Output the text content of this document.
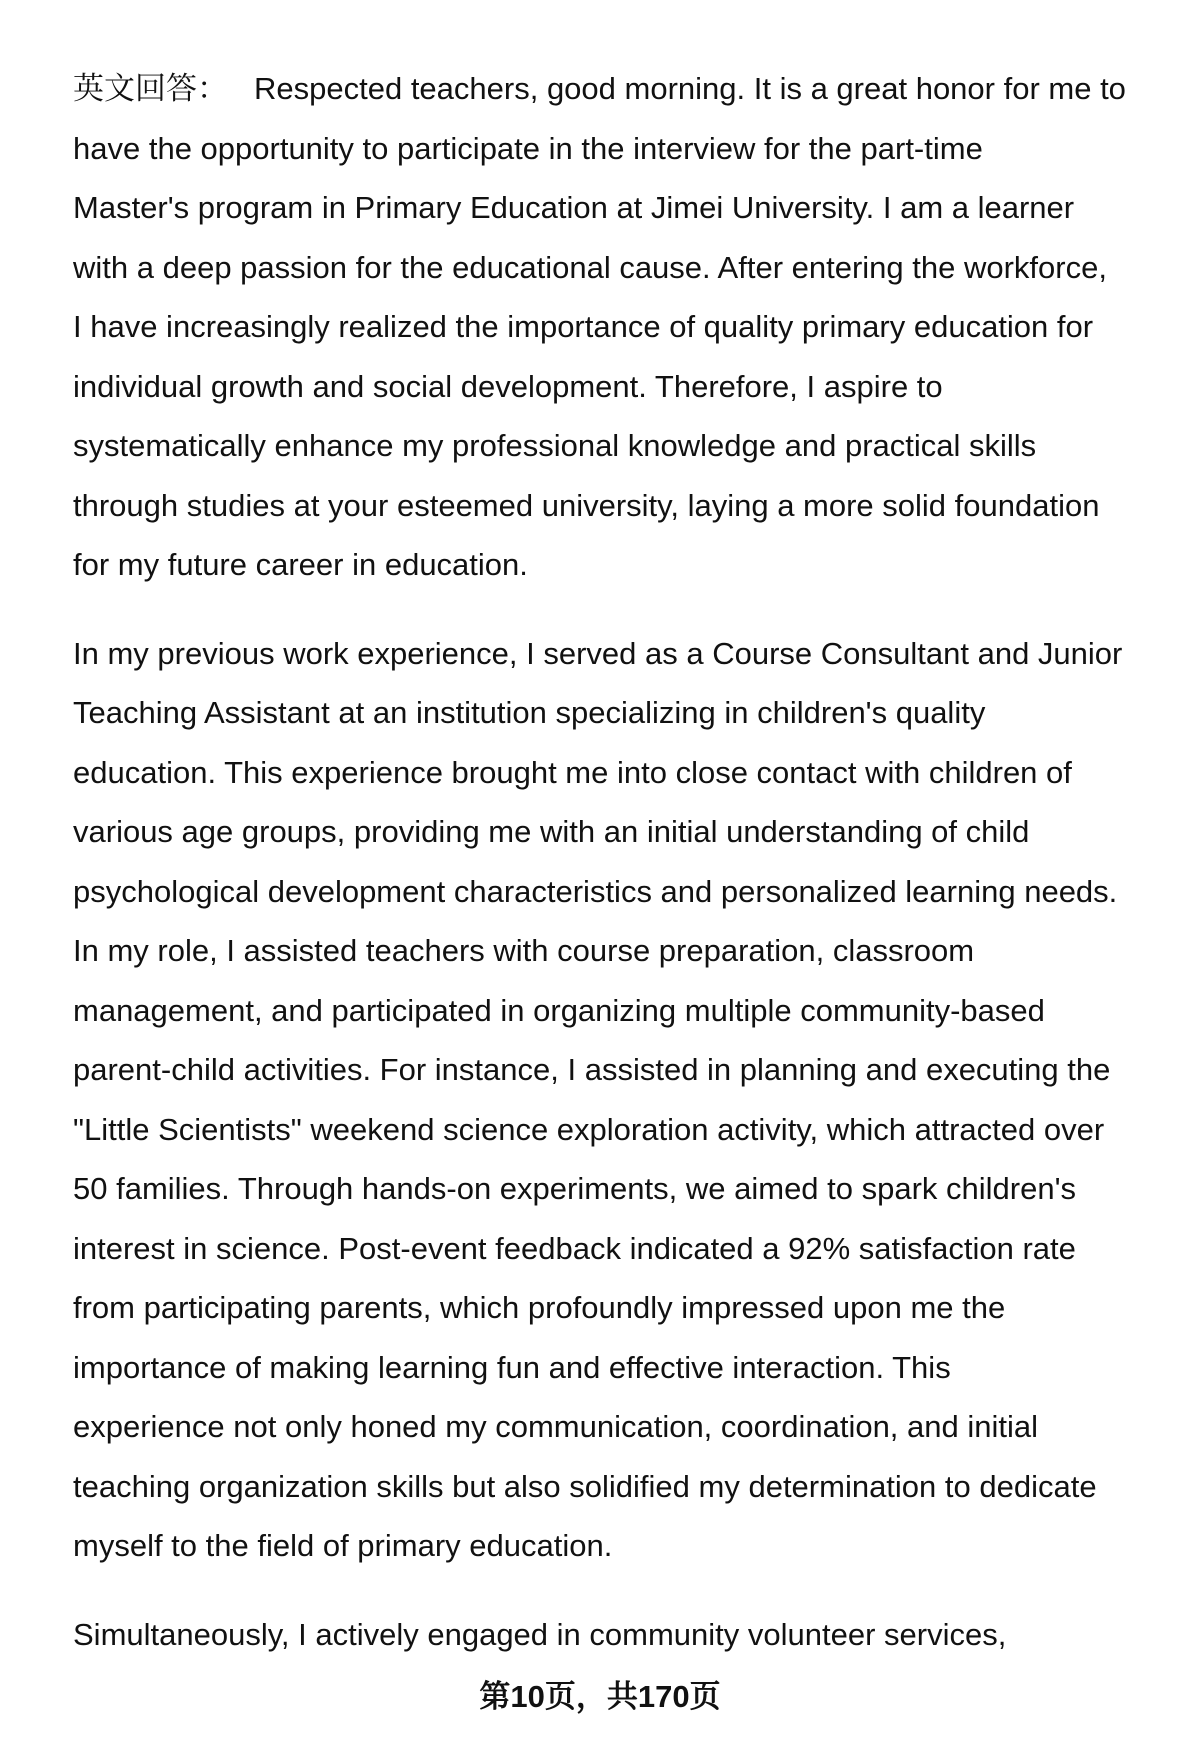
英文回答： Respected teachers, good morning. It is a great honor for me to
have the opportunity to participate in the interview for the part-time
Master's program in Primary Education at Jimei University. I am a learner
with a deep passion for the educational cause. After entering the workforce,
I have increasingly realized the importance of quality primary education for
individual growth and social development. Therefore, I aspire to
systematically enhance my professional knowledge and practical skills
through studies at your esteemed university, laying a more solid foundation
for my future career in education.
In my previous work experience, I served as a Course Consultant and Junior
Teaching Assistant at an institution specializing in children's quality
education. This experience brought me into close contact with children of
various age groups, providing me with an initial understanding of child
psychological development characteristics and personalized learning needs.
In my role, I assisted teachers with course preparation, classroom
management, and participated in organizing multiple community-based
parent-child activities. For instance, I assisted in planning and executing the
"Little Scientists" weekend science exploration activity, which attracted over
50 families. Through hands-on experiments, we aimed to spark children's
interest in science. Post-event feedback indicated a 92% satisfaction rate
from participating parents, which profoundly impressed upon me the
importance of making learning fun and effective interaction. This
experience not only honed my communication, coordination, and initial
teaching organization skills but also solidified my determination to dedicate
myself to the field of primary education.
Simultaneously, I actively engaged in community volunteer services,
第10页，共170页
